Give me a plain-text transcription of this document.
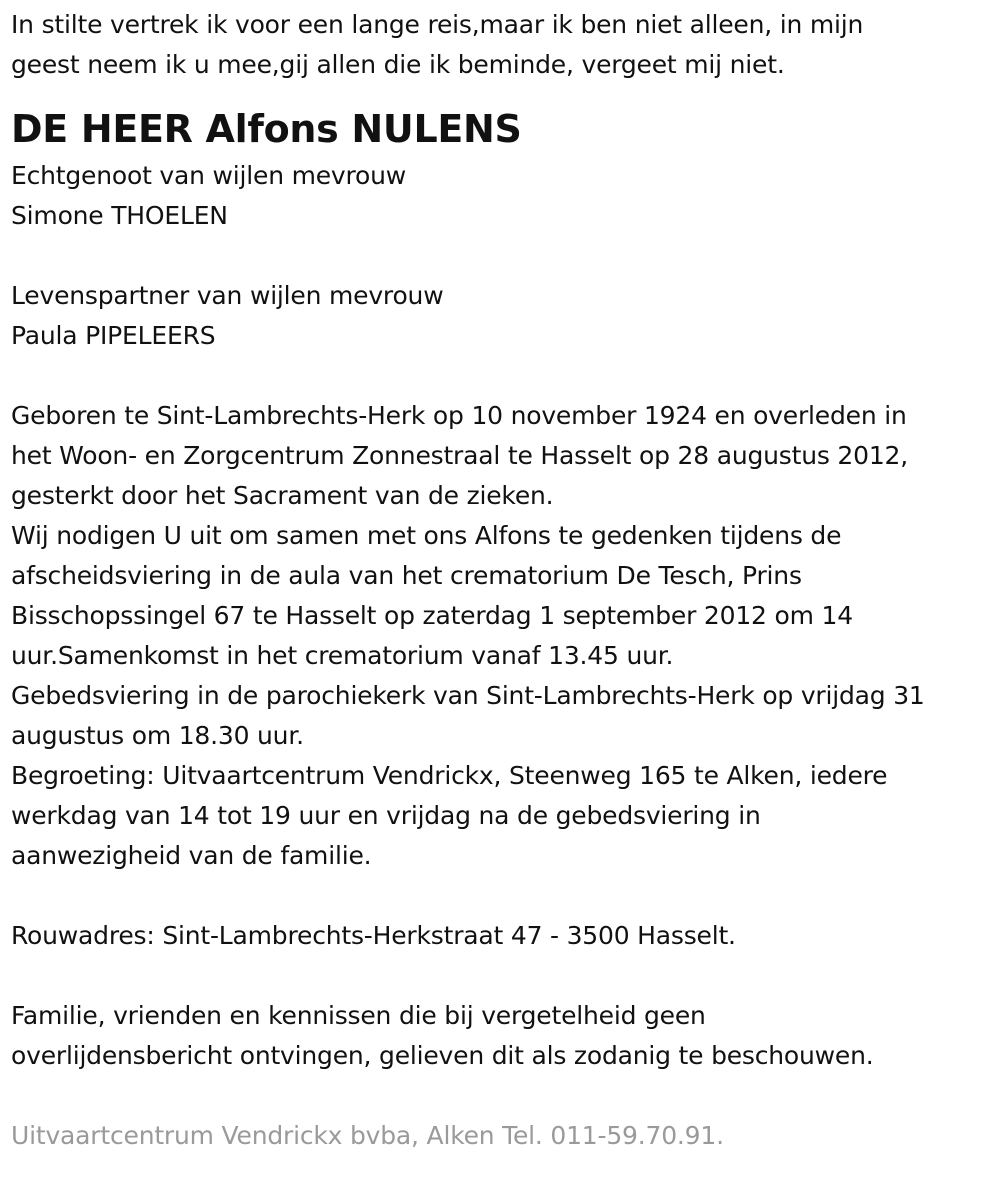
In stilte vertrek ik voor een lange reis,maar ik ben niet alleen, in mijn
geest neem ik u mee,gij allen die ik beminde, vergeet mij niet.
DE HEER Alfons NULENS
Echtgenoot van wijlen mevrouw
Simone THOELEN
Levenspartner van wijlen mevrouw
Paula PIPELEERS
Geboren te Sint-Lambrechts-Herk op 10 november 1924 en overleden in
het Woon- en Zorgcentrum Zonnestraal te Hasselt op 28 augustus 2012,
gesterkt door het Sacrament van de zieken.
Wij nodigen U uit om samen met ons Alfons te gedenken tijdens de
afscheidsviering in de aula van het crematorium De Tesch, Prins
Bisschopssingel 67 te Hasselt op zaterdag 1 september 2012 om 14
uur.Samenkomst in het crematorium vanaf 13.45 uur.
Gebedsviering in de parochiekerk van Sint-Lambrechts-Herk op vrijdag 31
augustus om 18.30 uur.
Begroeting: Uitvaartcentrum Vendrickx, Steenweg 165 te Alken, iedere
werkdag van 14 tot 19 uur en vrijdag na de gebedsviering in
aanwezigheid van de familie.
Rouwadres: Sint-Lambrechts-Herkstraat 47 - 3500 Hasselt.
Familie, vrienden en kennissen die bij vergetelheid geen
overlijdensbericht ontvingen, gelieven dit als zodanig te beschouwen.
Uitvaartcentrum Vendrickx bvba, Alken Tel. 011-59.70.91.
